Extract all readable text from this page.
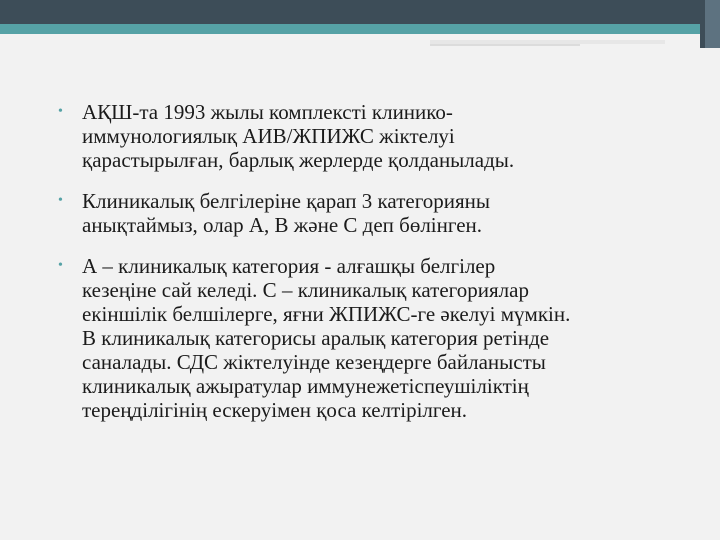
• АҚШ-та 1993 жылы комплексті клинико-
иммунологиялық АИВ/ЖПИЖС жіктелуі
қарастырылған, барлық жерлерде қолданылады.

• Клиникалық белгілеріне қарап 3 категорияны
анықтаймыз, олар А, В және С деп бөлінген.

• А – клиникалық категория - алғашқы белгілер
кезеңіне сай келеді. С – клиникалық категориялар
екіншілік белшілерге, яғни ЖПИЖС-ге әкелуі мүмкін.
В клиникалық категорисы аралық категория ретінде
саналады. СДС жіктелуінде кезеңдерге байланысты
клиникалық ажыратулар иммунежетіспеушіліктің
тереңділігінің ескеруімен қоса келтірілген.
